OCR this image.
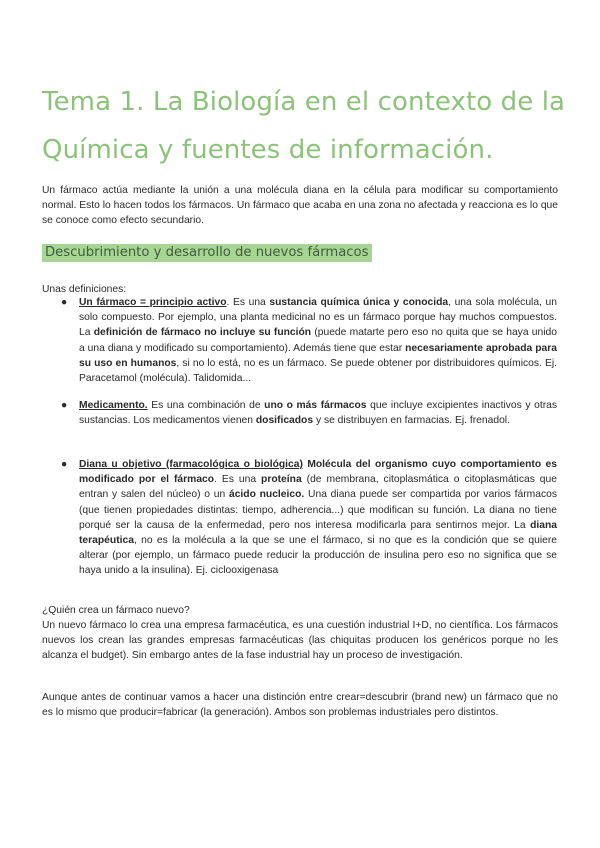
Tema 1. La Biología en el contexto de la
Química y fuentes de información.

Un fármaco actúa mediante la unión a una molécula diana en la célula para modificar su comportamiento normal. Esto lo hacen todos los fármacos. Un fármaco que acaba en una zona no afectada y reacciona es lo que se conoce como efecto secundario.

Descubrimiento y desarrollo de nuevos fármacos
Unas definiciones:
● Un fármaco = principio activo. Es una sustancia química única y conocida, una sola molécula, un solo compuesto. Por ejemplo, una planta medicinal no es un fármaco porque hay muchos compuestos. La definición de fármaco no incluye su función (puede matarte pero eso no quita que se haya unido a una diana y modificado su comportamiento). Además tiene que estar necesariamente aprobada para su uso en humanos, si no lo está, no es un fármaco. Se puede obtener por distribuidores químicos. Ej. Paracetamol (molécula). Talidomida...

● Medicamento. Es una combinación de uno o más fármacos que incluye excipientes inactivos y otras sustancias. Los medicamentos vienen dosificados y se distribuyen en farmacias. Ej. frenadol.

● Diana u objetivo (farmacológica o biológica) Molécula del organismo cuyo comportamiento es modificado por el fármaco. Es una proteína (de membrana, citoplasmática o citoplasmáticas que entran y salen del núcleo) o un ácido nucleico. Una diana puede ser compartida por varios fármacos (que tienen propiedades distintas: tiempo, adherencia...) que modifican su función. La diana no tiene porqué ser la causa de la enfermedad, pero nos interesa modificarla para sentirnos mejor. La diana terapéutica, no es la molécula a la que se une el fármaco, si no que es la condición que se quiere alterar (por ejemplo, un fármaco puede reducir la producción de insulina pero eso no significa que se haya unido a la insulina). Ej. ciclooxigenasa

¿Quién crea un fármaco nuevo?

Un nuevo fármaco lo crea una empresa farmacéutica, es una cuestión industrial I+D, no científica. Los fármacos nuevos los crean las grandes empresas farmacéuticas (las chiquitas producen los genéricos porque no les alcanza el budget). Sin embargo antes de la fase industrial hay un proceso de investigación.

Aunque antes de continuar vamos a hacer una distinción entre crear=descubrir (brand new) un fármaco que no es lo mismo que producir=fabricar (la generación). Ambos son problemas industriales pero distintos.
